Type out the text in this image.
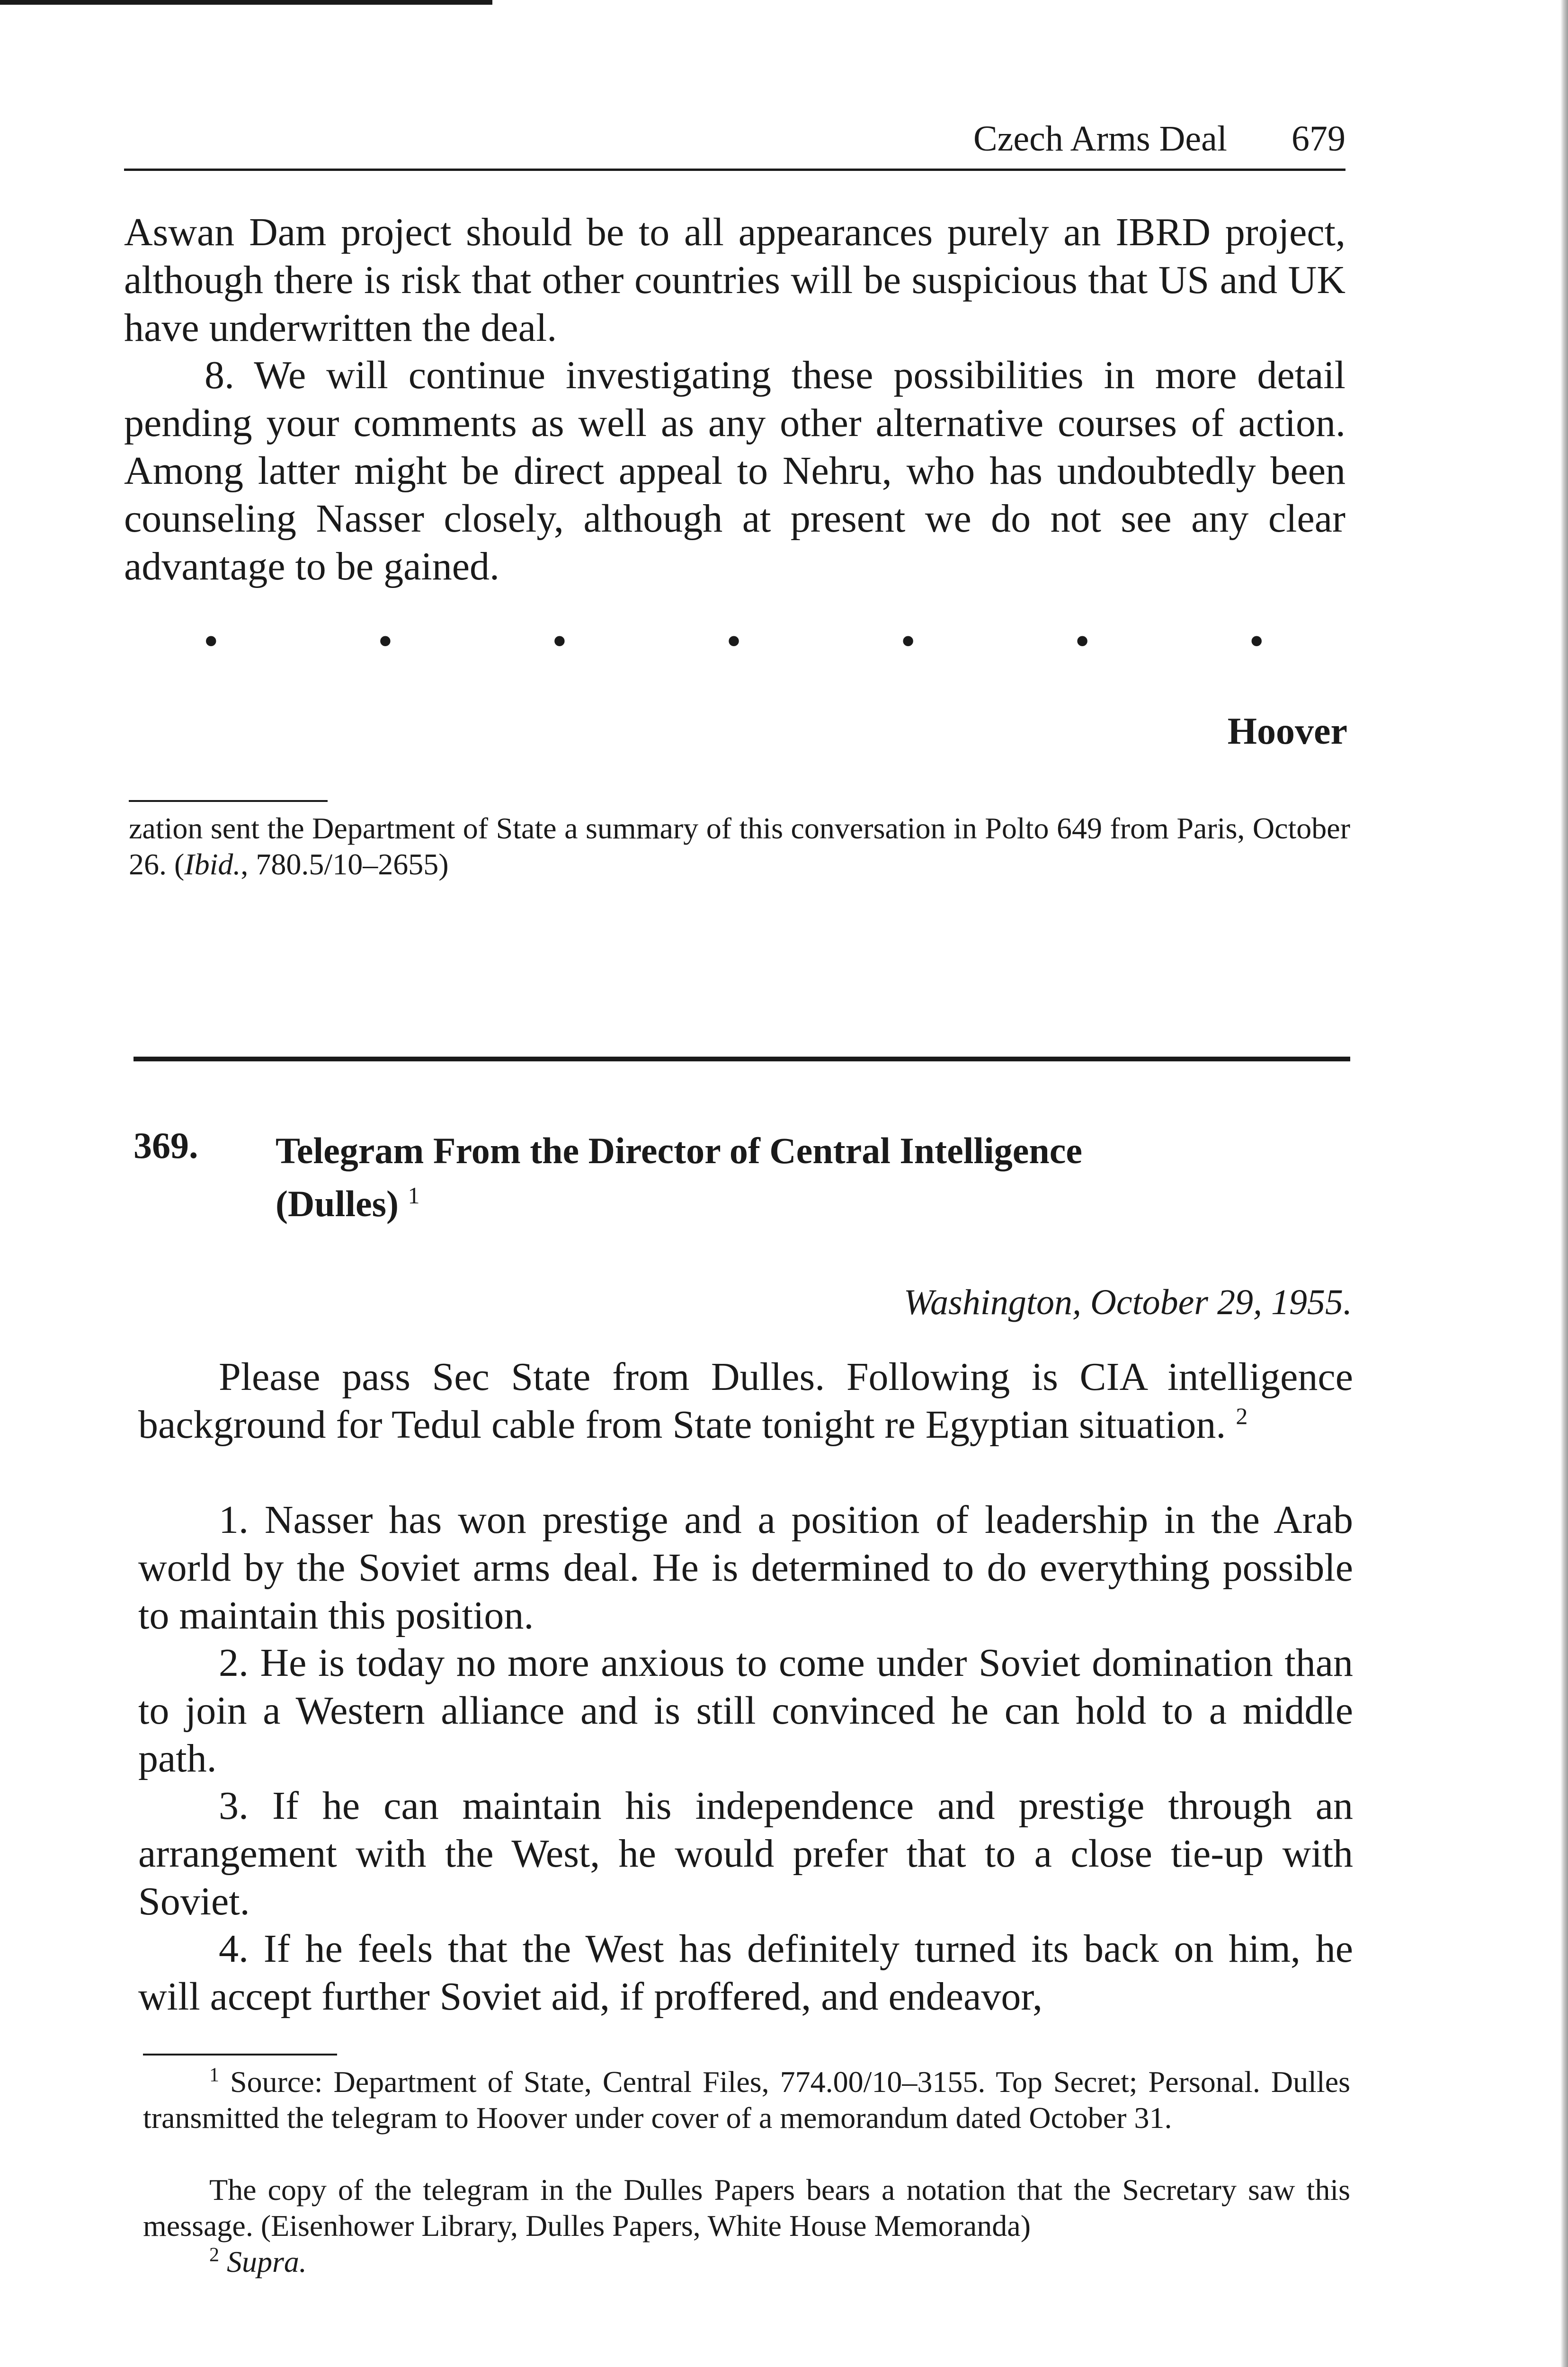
Czech Arms Deal 679

Aswan Dam project should be to all appearances purely an IBRD project, although there is risk that other countries will be suspicious that US and UK have underwritten the deal.

8. We will continue investigating these possibilities in more detail pending your comments as well as any other alternative courses of action. Among latter might be direct appeal to Nehru, who has undoubtedly been counseling Nasser closely, although at present we do not see any clear advantage to be gained.

•	•	•	•	•	•	•
Hoover

zation sent the Department of State a summary of this conversation in Polto 649 from Paris, October 26. (Ibid., 780.5/10–2655)

369. Telegram From the Director of Central Intelligence
(Dulles) $^1$
Washington, October 29, 1955.

Please pass Sec State from Dulles. Following is CIA intelligence background for Tedul cable from State tonight re Egyptian situation. $^2$

1. Nasser has won prestige and a position of leadership in the Arab world by the Soviet arms deal. He is determined to do everything possible to maintain this position.

2. He is today no more anxious to come under Soviet domination than to join a Western alliance and is still convinced he can hold to a middle path.

3. If he can maintain his independence and prestige through an arrangement with the West, he would prefer that to a close tie-up with Soviet.

4. If he feels that the West has definitely turned its back on him, he will accept further Soviet aid, if proffered, and endeavor,

$^1$ Source: Department of State, Central Files, 774.00/10–3155. Top Secret; Personal. Dulles transmitted the telegram to Hoover under cover of a memorandum dated October 31.

The copy of the telegram in the Dulles Papers bears a notation that the Secretary saw this message. (Eisenhower Library, Dulles Papers, White House Memoranda)

$^2$ Supra.
